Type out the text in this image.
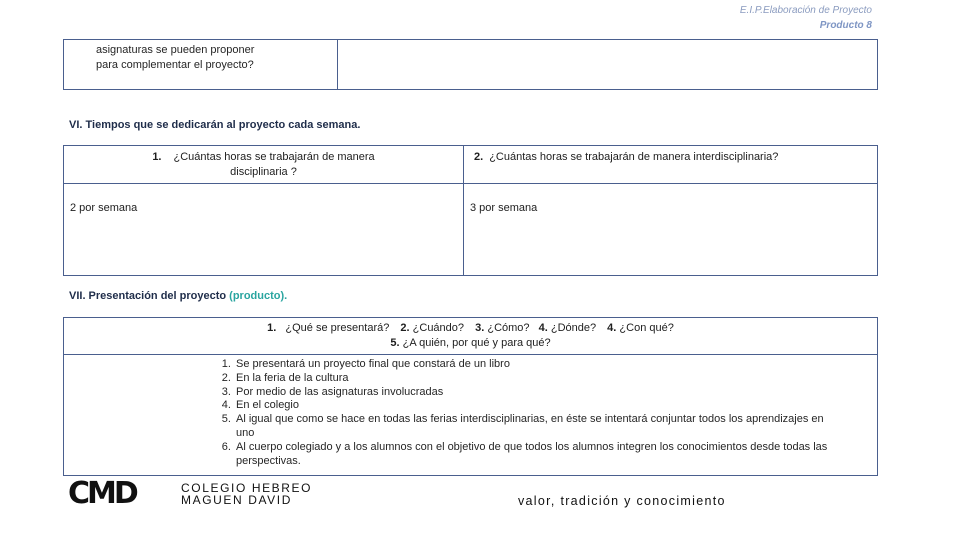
E.I.P.Elaboración de Proyecto
Producto 8
asignaturas se pueden proponer
para complementar el proyecto?

VI. Tiempos que se dedicarán al proyecto cada semana.
1. ¿Cuántas horas se trabajarán de manera
disciplinaria ?	2. ¿Cuántas horas se trabajarán de manera interdisciplinaria?

2 por semana	3 por semana
VII. Presentación del proyecto (producto).
1. ¿Qué se presentará? 2. ¿Cuándo? 3. ¿Cómo? 4. ¿Dónde? 4. ¿Con qué?
5. ¿A quién, por qué y para qué?

1. Se presentará un proyecto final que constará de un libro
2. En la feria de la cultura
3. Por medio de las asignaturas involucradas
4. En el colegio
5. Al igual que como se hace en todas las ferias interdisciplinarias, en éste se intentará conjuntar todos los aprendizajes en uno
6. Al cuerpo colegiado y a los alumnos con el objetivo de que todos los alumnos integren los conocimientos desde todas las perspectivas.
CMD	COLEGIO HEBREO
MAGUEN DAVID	valor, tradición y conocimiento
